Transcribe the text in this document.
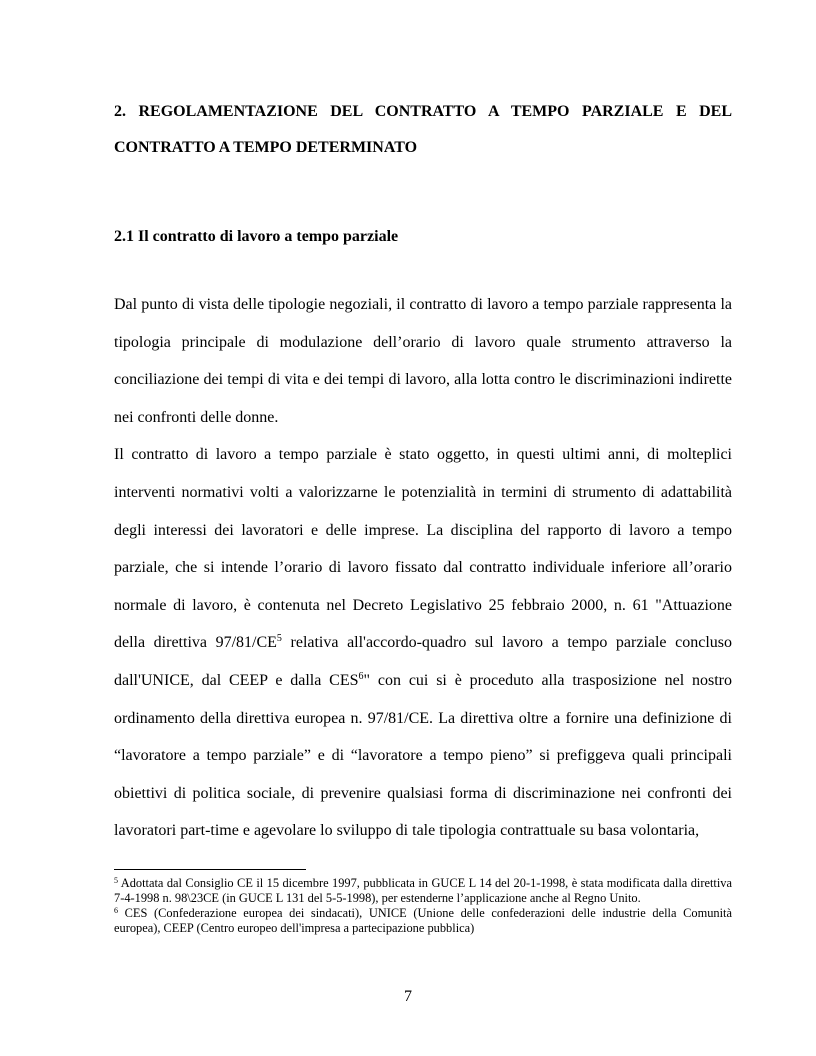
2. REGOLAMENTAZIONE DEL CONTRATTO A TEMPO PARZIALE E DEL
CONTRATTO A TEMPO DETERMINATO
2.1 Il contratto di lavoro a tempo parziale

Dal punto di vista delle tipologie negoziali, il contratto di lavoro a tempo parziale rappresenta la tipologia principale di modulazione dell’orario di lavoro quale strumento attraverso la conciliazione dei tempi di vita e dei tempi di lavoro, alla lotta contro le discriminazioni indirette nei confronti delle donne.

Il contratto di lavoro a tempo parziale è stato oggetto, in questi ultimi anni, di molteplici interventi normativi volti a valorizzarne le potenzialità in termini di strumento di adattabilità degli interessi dei lavoratori e delle imprese. La disciplina del rapporto di lavoro a tempo parziale, che si intende l’orario di lavoro fissato dal contratto individuale inferiore all’orario normale di lavoro, è contenuta nel Decreto Legislativo 25 febbraio 2000, n. 61 "Attuazione della direttiva $97/81/CE^5$ relativa all'accordo-quadro sul lavoro a tempo parziale concluso dall'UNICE, dal CEEP e dalla CES$^6$" con cui si è proceduto alla trasposizione nel nostro ordinamento della direttiva europea n. 97/81/CE. La direttiva oltre a fornire una definizione di “lavoratore a tempo parziale” e di “lavoratore a tempo pieno” si prefiggeva quali principali obiettivi di politica sociale, di prevenire qualsiasi forma di discriminazione nei confronti dei lavoratori part-time e agevolare lo sviluppo di tale tipologia contrattuale su basa volontaria,

$^5$ Adottata dal Consiglio CE il 15 dicembre 1997, pubblicata in GUCE L 14 del 20-1-1998, è stata modificata dalla direttiva 7-4-1998 n. 98\23CE (in GUCE L 131 del 5-5-1998), per estenderne l’applicazione anche al Regno Unito.

$^6$ CES (Confederazione europea dei sindacati), UNICE (Unione delle confederazioni delle industrie della Comunità europea), CEEP (Centro europeo dell'impresa a partecipazione pubblica)

7
